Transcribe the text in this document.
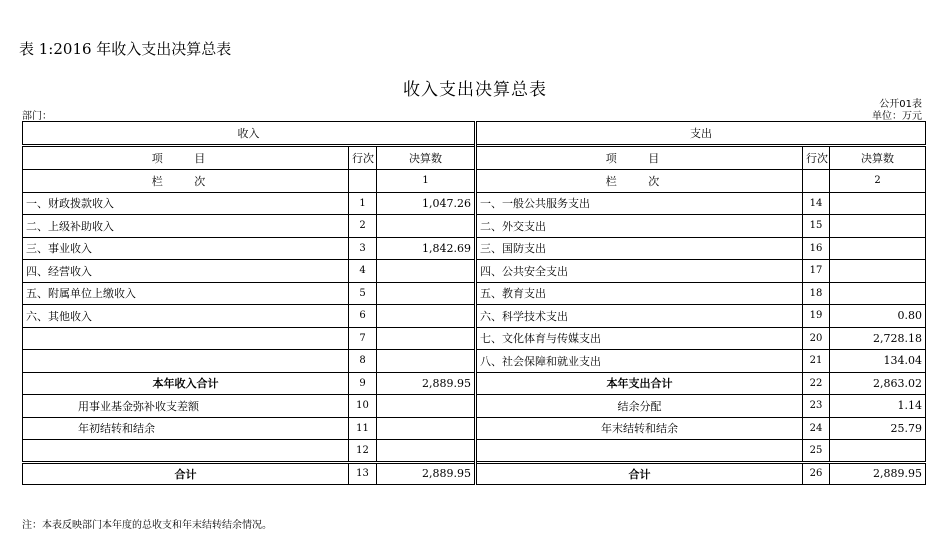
表 1:2016 年收入支出决算总表
收入支出决算总表
公开01表
单位：万元
部门：
收入			支出		
项 目	行次	决算数	项 目	行次	决算数
栏 次		1	栏 次		2
一、财政拨款收入	1	1,047.26	一、一般公共服务支出	14	
二、上级补助收入	2		二、外交支出	15	
三、事业收入	3	1,842.69	三、国防支出	16	
四、经营收入	4		四、公共安全支出	17	
五、附属单位上缴收入	5		五、教育支出	18	
六、其他收入	6		六、科学技术支出	19	0.80
	7		七、文化体育与传媒支出	20	2,728.18
	8		八、社会保障和就业支出	21	134.04
本年收入合计	9	2,889.95	本年支出合计	22	2,863.02
用事业基金弥补收支差额	10		结余分配	23	1.14
年初结转和结余	11		年末结转和结余	24	25.79
	12			25	
合计	13	2,889.95	合计	26	2,889.95
注：本表反映部门本年度的总收支和年末结转结余情况。
